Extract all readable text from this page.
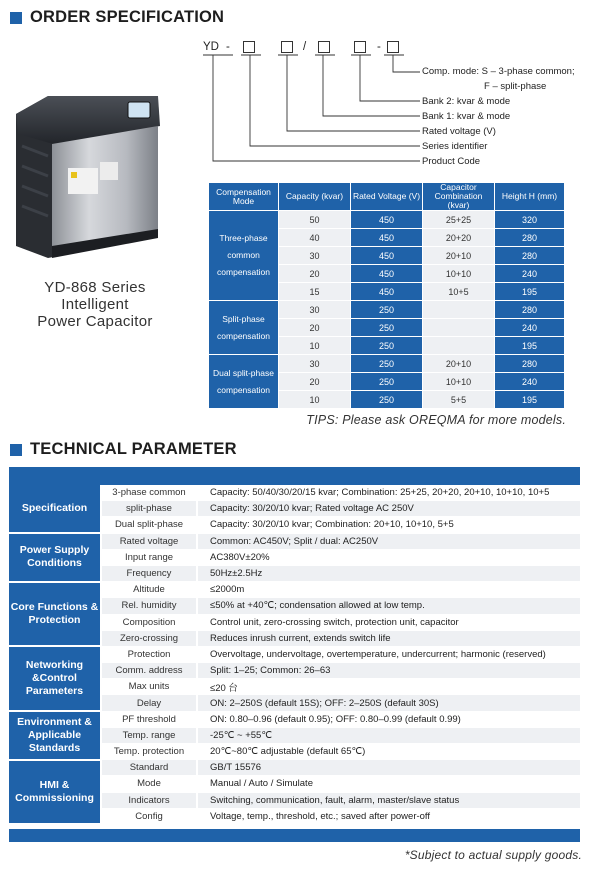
ORDER SPECIFICATION
YD-868 Series
Intelligent
Power Capacitor
YD -	/	-
Comp. mode: S – 3-phase common;
F – split-phase
Bank 2: kvar & mode
Bank 1: kvar & mode
Rated voltage (V)
Series identifier
Product Code
Compensation Mode	Capacity (kvar)	Rated Voltage (V)	Capacitor Combination (kvar)	Height H (mm)
Three-phase common compensation	50	450	25+25	320
	40	450	20+20	280
	30	450	20+10	280
	20	450	10+10	240
	15	450	10+5	195
Split-phase compensation	30	250		280
	20	250		240
	10	250		195
Dual split-phase compensation	30	250	20+10	280
	20	250	10+10	240
	10	250	5+5	195
TIPS: Please ask OREQMA for more models.
TECHNICAL PARAMETER
Specification	3-phase common	Capacity: 50/40/30/20/15 kvar; Combination: 25+25, 20+20, 20+10, 10+10, 10+5
	split-phase	Capacity: 30/20/10 kvar; Rated voltage AC 250V
	Dual split-phase	Capacity: 30/20/10 kvar; Combination: 20+10, 10+10, 5+5
Power Supply Conditions	Rated voltage	Common: AC450V; Split / dual: AC250V
	Input range	AC380V±20%
	Frequency	50Hz±2.5Hz
Core Functions & Protection	Altitude	≤2000m
	Rel. humidity	≤50% at +40℃; condensation allowed at low temp.
	Composition	Control unit, zero-crossing switch, protection unit, capacitor
	Zero-crossing	Reduces inrush current, extends switch life
Networking &Control Parameters	Protection	Overvoltage, undervoltage, overtemperature, undercurrent; harmonic (reserved)
	Comm. address	Split: 1–25; Common: 26–63
	Max units	≤20 台
	Delay	ON: 2–250S (default 15S); OFF: 2–250S (default 30S)
Environment & Applicable Standards	PF threshold	ON: 0.80–0.96 (default 0.95); OFF: 0.80–0.99 (default 0.99)
	Temp. range	-25℃ ~ +55℃
	Temp. protection	20℃~80℃ adjustable (default 65℃)
HMI & Commissioning	Standard	GB/T 15576
	Mode	Manual / Auto / Simulate
	Indicators	Switching, communication, fault, alarm, master/slave status
	Config	Voltage, temp., threshold, etc.; saved after power-off
*Subject to actual supply goods.
